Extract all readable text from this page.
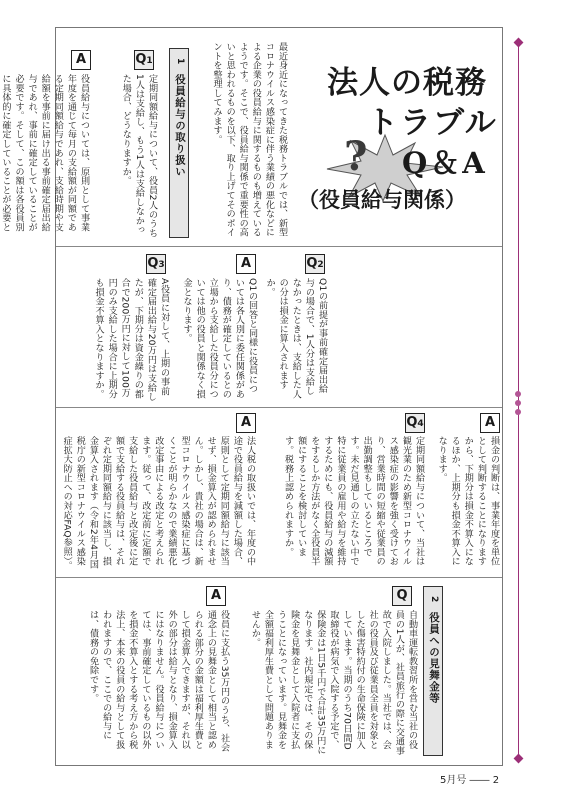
法人の税務
トラブル
? Q＆A
（役員給与関係）
最近身近になってきた税務トラブルでは、新型コロナウイルス感染症に伴う業績の悪化などによる企業の役員給与に関するものも増えているようです。そこで、役員給与関係で重要性の高いと思われるものを以下、取り上げてそのポイントを整理してみます。
1役員給与の取り扱い
Q1
定期同額給与について、役員2人のうち1人は支給し、もう1人は支給しなかった場合、どうなりますか。
A
役員給与については、原則として事業年度を通じて毎月の支給額が同額である定期同額給与であれ、支給時期や支給額を事前に届け出る事前確定届出給与であれ、事前に確定していることが必要です。そして、この額は各役員別に具体的に確定していることが必要と
Q2
Q1の前提が事前確定届出給与の場合で、1人分は支給しなかったときは、支給した人の分は損金に算入されますか。
A
Q1の回答と同様に役員については各人別に委任関係があり、債務が確定しているとの立場から支給した役員分については他の役員と関係なく損金となります。
Q3
A役員に対して、上期の事前確定届出給与20万円は支給したが、下期分は資金繰りの都合で200万円に対して100万円のみ支給した場合に上期分も損金不算入となりますか。
A
損金の判断は、事業年度を単位として判断することになりますから、下期分は損金不算入になるほか、上期分も損金不算入になります。
Q4
定期同額給与について、当社は観光業のため新型コロナウイルス感染症の影響を強く受けており、営業時間の短縮や従業員の出勤調整もしているところです。未だ見通しの立たない中で特に従業員の雇用や給与を維持するためにも、役員給与の減額をするしか方法がなく全役員半額にすることを検討しています。税務上認められますか。
A
法人税の取扱いでは、年度の中途で役員給与を減額した場合、原則として定期同額給与に該当せず、損金算入が認められません。しかし、貴社の場合は、新型コロナウイルス感染症に基づくことが明らかなので業績悪化改定事由による改定と考えられます。従って、改定前に定額で支給した役員給与と改定後に定額で支給する役員給与は、それぞれ定期同額給与に該当し、損金算入されます（令和2年4月国税庁の新型コロナウイルス感染症拡大防止への対応FAQ参照）。
2役員への見舞金等
Q
自動車運転教習所を営む当社の役員の1人が、社員旅行の際に交通事故で入院しました。当社では、会社の役員及び従業員全員を対象とした傷害特約付の生命保険に加入しています。当期のうち70日間D取締役が病気で入院する予定で、保険金は1日5千円で合計35万円になります。社内規定では、その保険金を見舞金として入院者に支払うことになっています。見舞金を全額福利厚生費として問題ありませんか。
A
役員に支払う35万円のうち、社会通念上の見舞金として相当と認められる部分の金額は福利厚生費として損金算入できますが、それ以外の部分は給与となり、損金算入にはなりません。役員給与については、事前確定しているもの以外を損金不算入とする考え方から税法上、本来の役員の給与として扱われますので、ここでの給与には、債務の免除です。
5月号 ―― 2
